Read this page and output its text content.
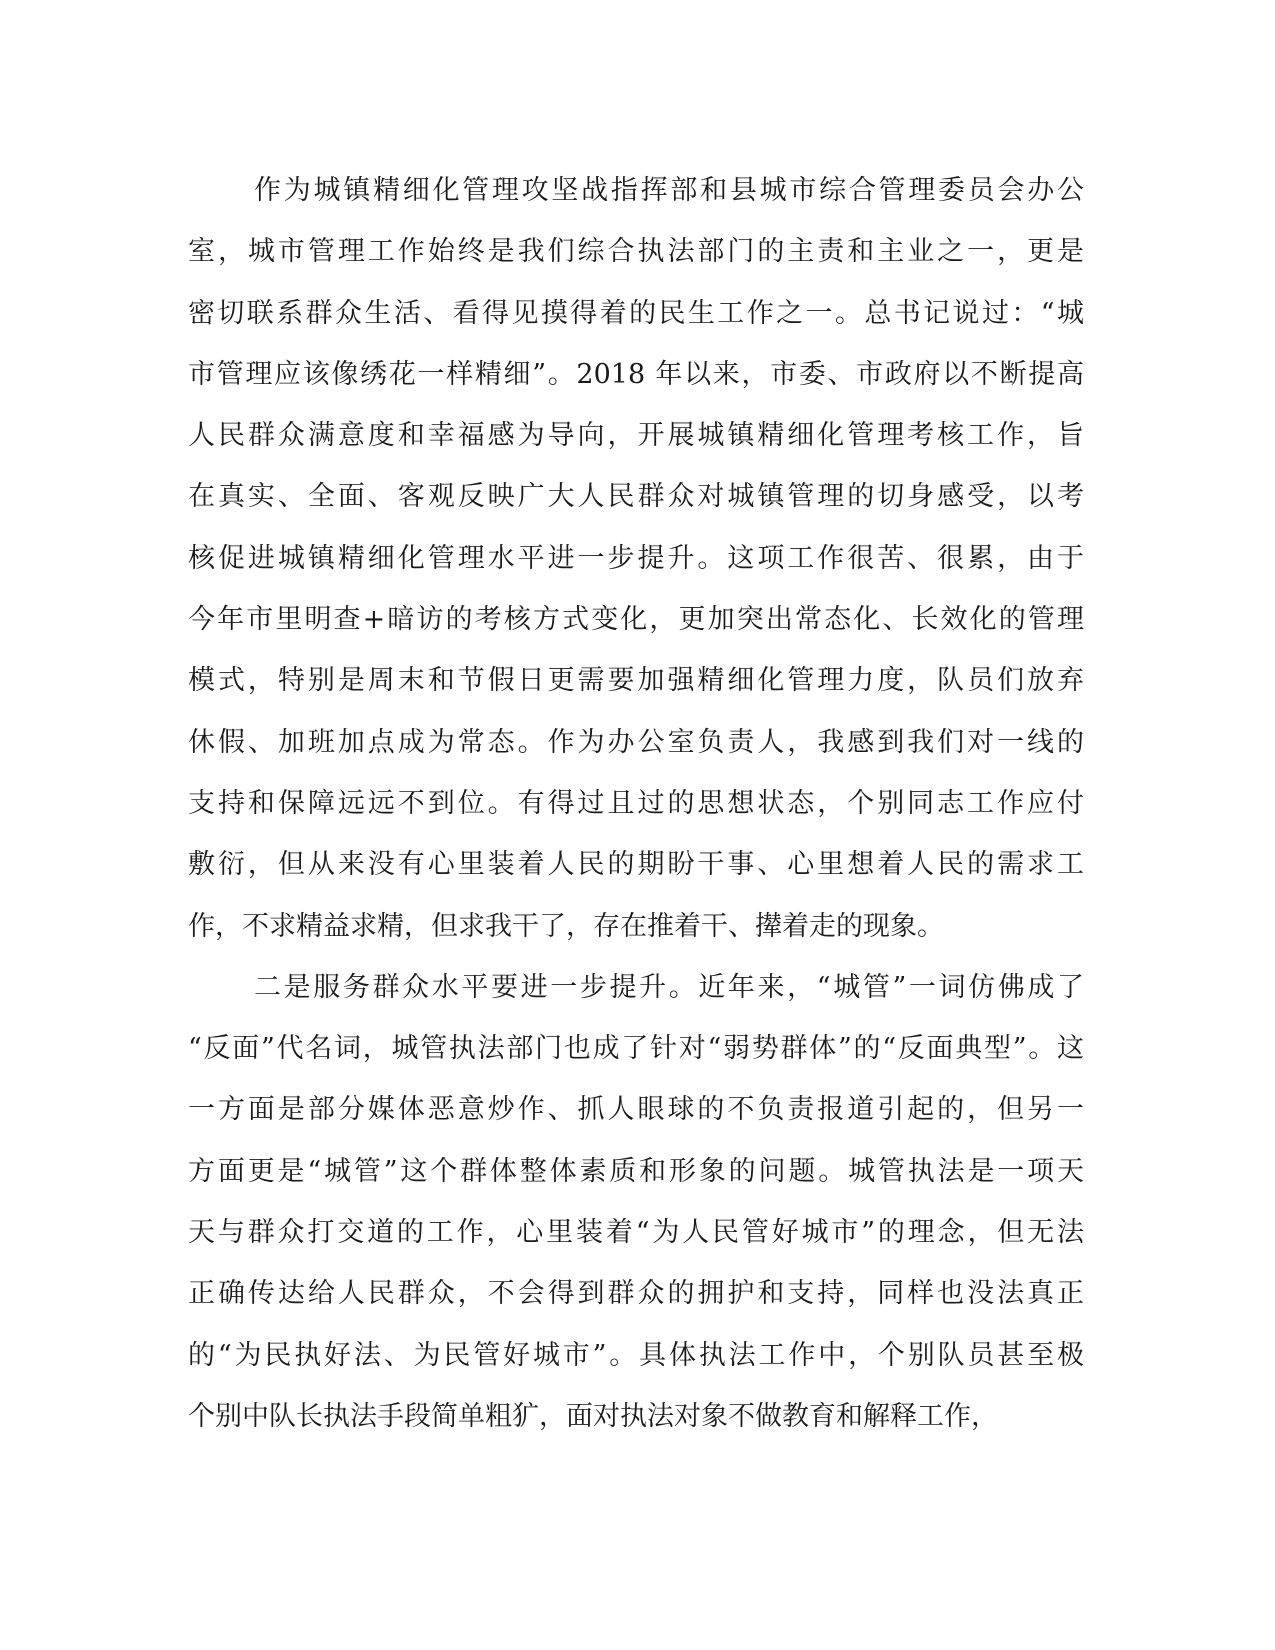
作为城镇精细化管理攻坚战指挥部和县城市综合管理委员会办公
室，城市管理工作始终是我们综合执法部门的主责和主业之一，更是
密切联系群众生活、看得见摸得着的民生工作之一。总书记说过：“城
市管理应该像绣花一样精细”。2018 年以来，市委、市政府以不断提高
人民群众满意度和幸福感为导向，开展城镇精细化管理考核工作，旨
在真实、全面、客观反映广大人民群众对城镇管理的切身感受，以考
核促进城镇精细化管理水平进一步提升。这项工作很苦、很累，由于
今年市里明查+暗访的考核方式变化，更加突出常态化、长效化的管理
模式，特别是周末和节假日更需要加强精细化管理力度，队员们放弃
休假、加班加点成为常态。作为办公室负责人，我感到我们对一线的
支持和保障远远不到位。有得过且过的思想状态，个别同志工作应付
敷衍，但从来没有心里装着人民的期盼干事、心里想着人民的需求工
作，不求精益求精，但求我干了，存在推着干、撵着走的现象。
二是服务群众水平要进一步提升。近年来，“城管”一词仿佛成了
“反面”代名词，城管执法部门也成了针对“弱势群体”的“反面典型”。这
一方面是部分媒体恶意炒作、抓人眼球的不负责报道引起的，但另一
方面更是“城管”这个群体整体素质和形象的问题。城管执法是一项天
天与群众打交道的工作，心里装着“为人民管好城市”的理念，但无法
正确传达给人民群众，不会得到群众的拥护和支持，同样也没法真正
的“为民执好法、为民管好城市”。具体执法工作中，个别队员甚至极
个别中队长执法手段简单粗犷，面对执法对象不做教育和解释工作，
